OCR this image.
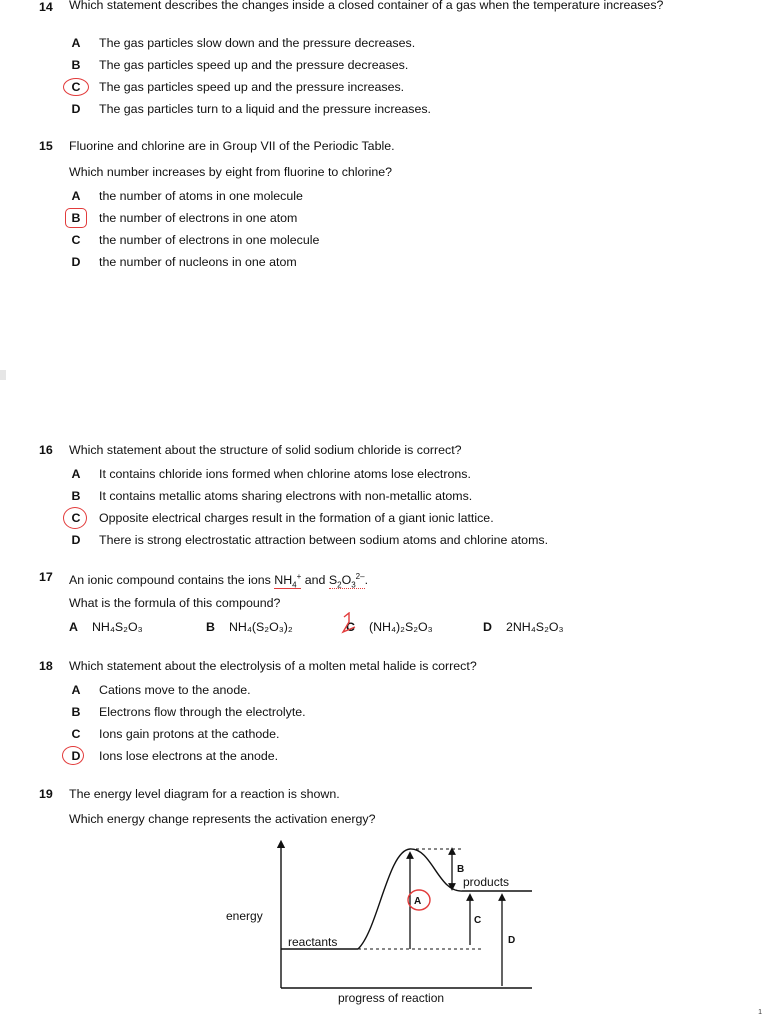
14 Which statement describes the changes inside a closed container of a gas when the temperature increases?
A The gas particles slow down and the pressure decreases.
B The gas particles speed up and the pressure decreases.
C The gas particles speed up and the pressure increases.
D The gas particles turn to a liquid and the pressure increases.
15 Fluorine and chlorine are in Group VII of the Periodic Table.
Which number increases by eight from fluorine to chlorine?
A the number of atoms in one molecule
B the number of electrons in one atom
C the number of electrons in one molecule
D the number of nucleons in one atom
16 Which statement about the structure of solid sodium chloride is correct?
A It contains chloride ions formed when chlorine atoms lose electrons.
B It contains metallic atoms sharing electrons with non-metallic atoms.
C Opposite electrical charges result in the formation of a giant ionic lattice.
D There is strong electrostatic attraction between sodium atoms and chlorine atoms.
17 An ionic compound contains the ions $NH_4^+$ and $S_2O_3^{2-}$.
What is the formula of this compound?
A NH₄S₂O₃	B NH₄(S₂O₃)₂	C (NH₄)₂S₂O₃	D 2NH₄S₂O₃
18 Which statement about the electrolysis of a molten metal halide is correct?
A Cations move to the anode.
B Electrons flow through the electrolyte.
C Ions gain protons at the cathode.
D Ions lose electrons at the anode.
19 The energy level diagram for a reaction is shown.
Which energy change represents the activation energy?
energy
progress of reaction
reactants
products
A
B
C
D
1
